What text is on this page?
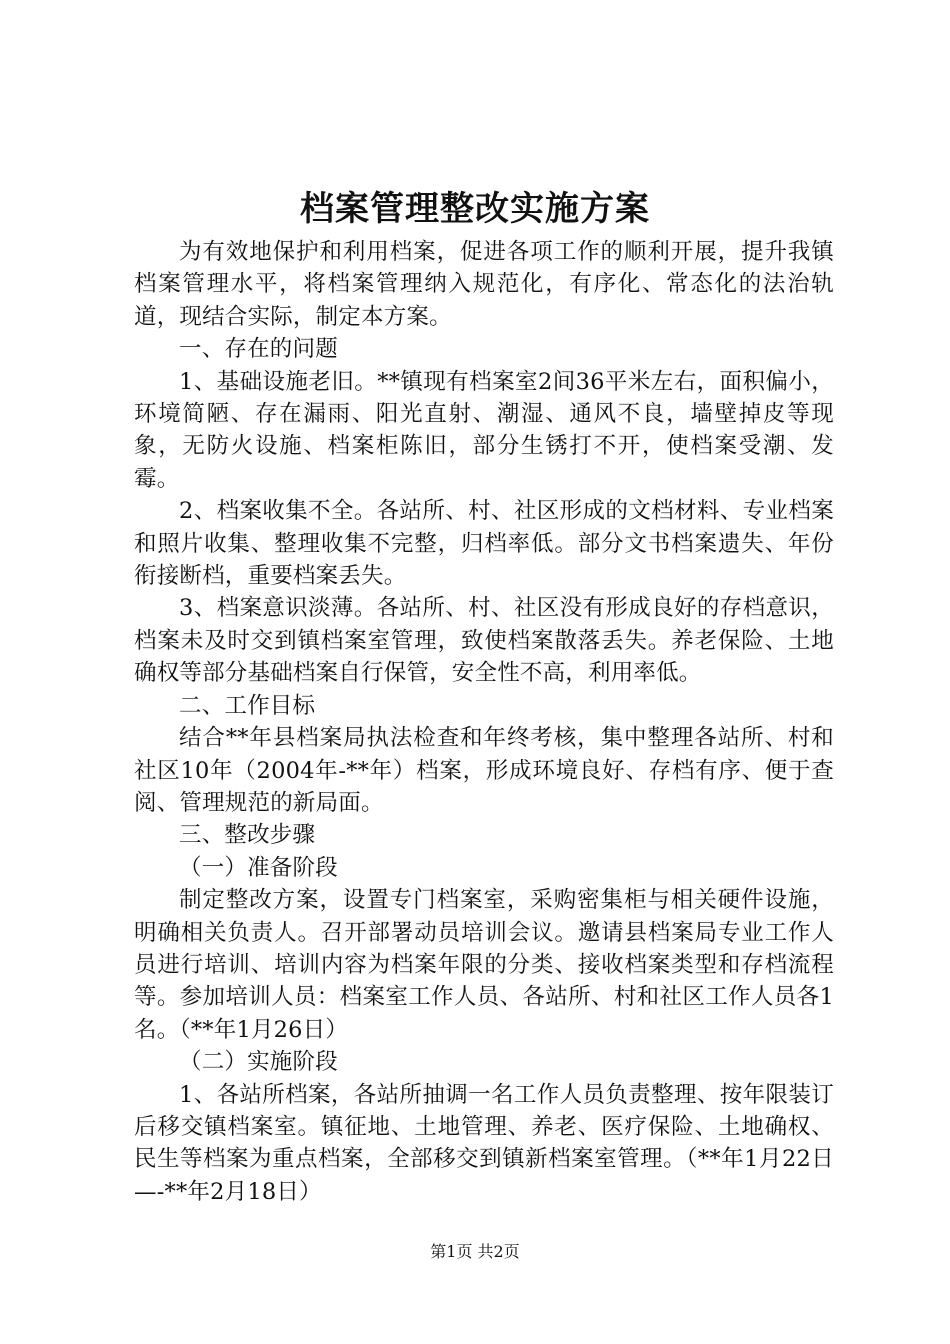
档案管理整改实施方案

为有效地保护和利用档案，促进各项工作的顺利开展，提升我镇档案管理水平，将档案管理纳入规范化，有序化、常态化的法治轨道，现结合实际，制定本方案。

一、存在的问题

1、基础设施老旧。**镇现有档案室2间36平米左右，面积偏小，环境简陋、存在漏雨、阳光直射、潮湿、通风不良，墙壁掉皮等现象，无防火设施、档案柜陈旧，部分生锈打不开，使档案受潮、发霉。

2、档案收集不全。各站所、村、社区形成的文档材料、专业档案和照片收集、整理收集不完整，归档率低。部分文书档案遗失、年份衔接断档，重要档案丢失。

3、档案意识淡薄。各站所、村、社区没有形成良好的存档意识，档案未及时交到镇档案室管理，致使档案散落丢失。养老保险、土地确权等部分基础档案自行保管，安全性不高，利用率低。

二、工作目标

结合**年县档案局执法检查和年终考核，集中整理各站所、村和社区10年（2004年-**年）档案，形成环境良好、存档有序、便于查阅、管理规范的新局面。

三、整改步骤

（一）准备阶段

制定整改方案，设置专门档案室，采购密集柜与相关硬件设施，明确相关负责人。召开部署动员培训会议。邀请县档案局专业工作人员进行培训、培训内容为档案年限的分类、接收档案类型和存档流程等。参加培训人员：档案室工作人员、各站所、村和社区工作人员各1名。（**年1月26日）

（二）实施阶段

1、各站所档案，各站所抽调一名工作人员负责整理、按年限装订后移交镇档案室。镇征地、土地管理、养老、医疗保险、土地确权、民生等档案为重点档案，全部移交到镇新档案室管理。（**年1月22日—-**年2月18日）

第1页 共2页
